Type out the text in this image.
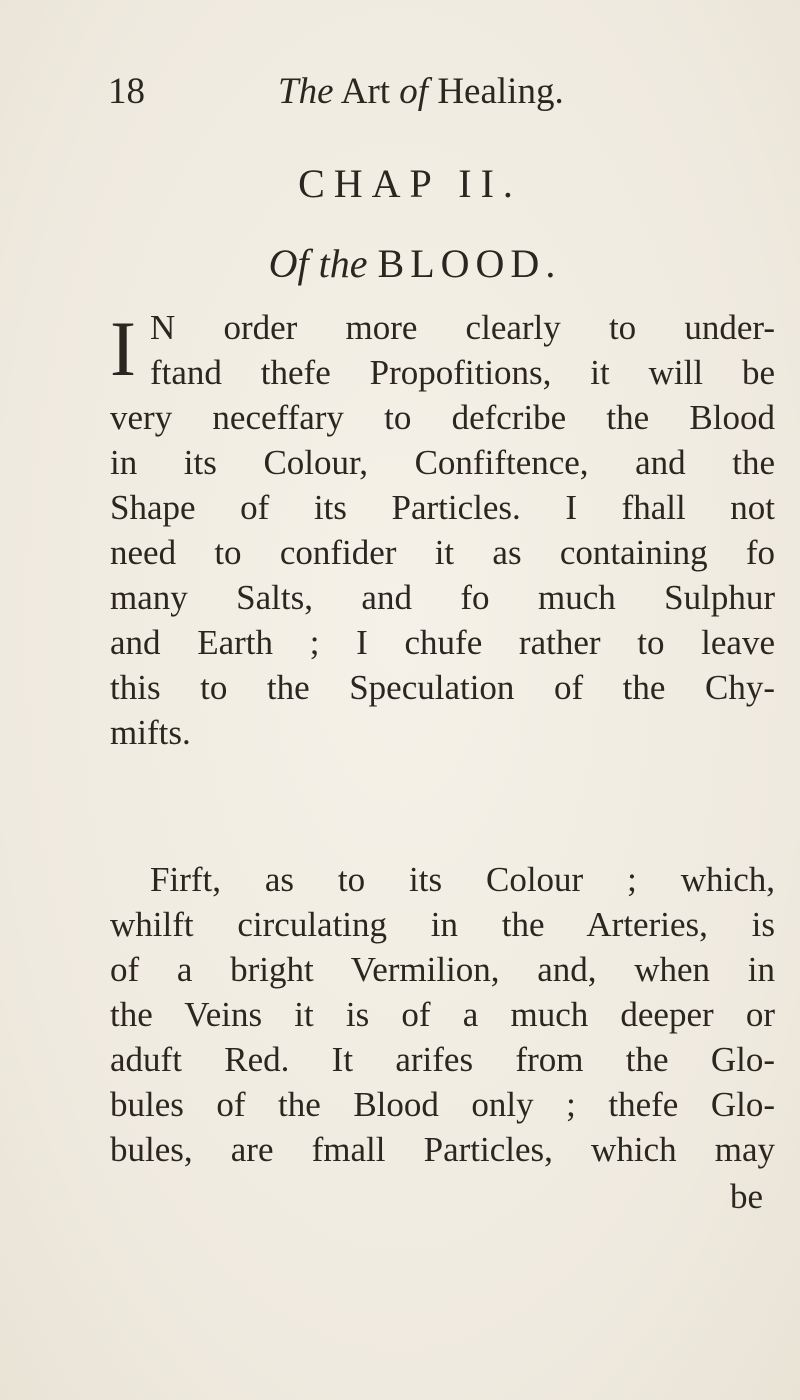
18	The Art of Healing.
CHAP II.
Of the BLOOD.
I N order more clearly to under-
ftand thefe Propofitions, it will be
very neceffary to defcribe the Blood
in its Colour, Confiftence, and the
Shape of its Particles. I fhall not
need to confider it as containing fo
many Salts, and fo much Sulphur
and Earth ; I chufe rather to leave
this to the Speculation of the Chy-
mifts.
Firft, as to its Colour ; which,
whilft circulating in the Arteries, is
of a bright Vermilion, and, when in
the Veins it is of a much deeper or
aduft Red. It arifes from the Glo-
bules of the Blood only ; thefe Glo-
bules, are fmall Particles, which may
be
